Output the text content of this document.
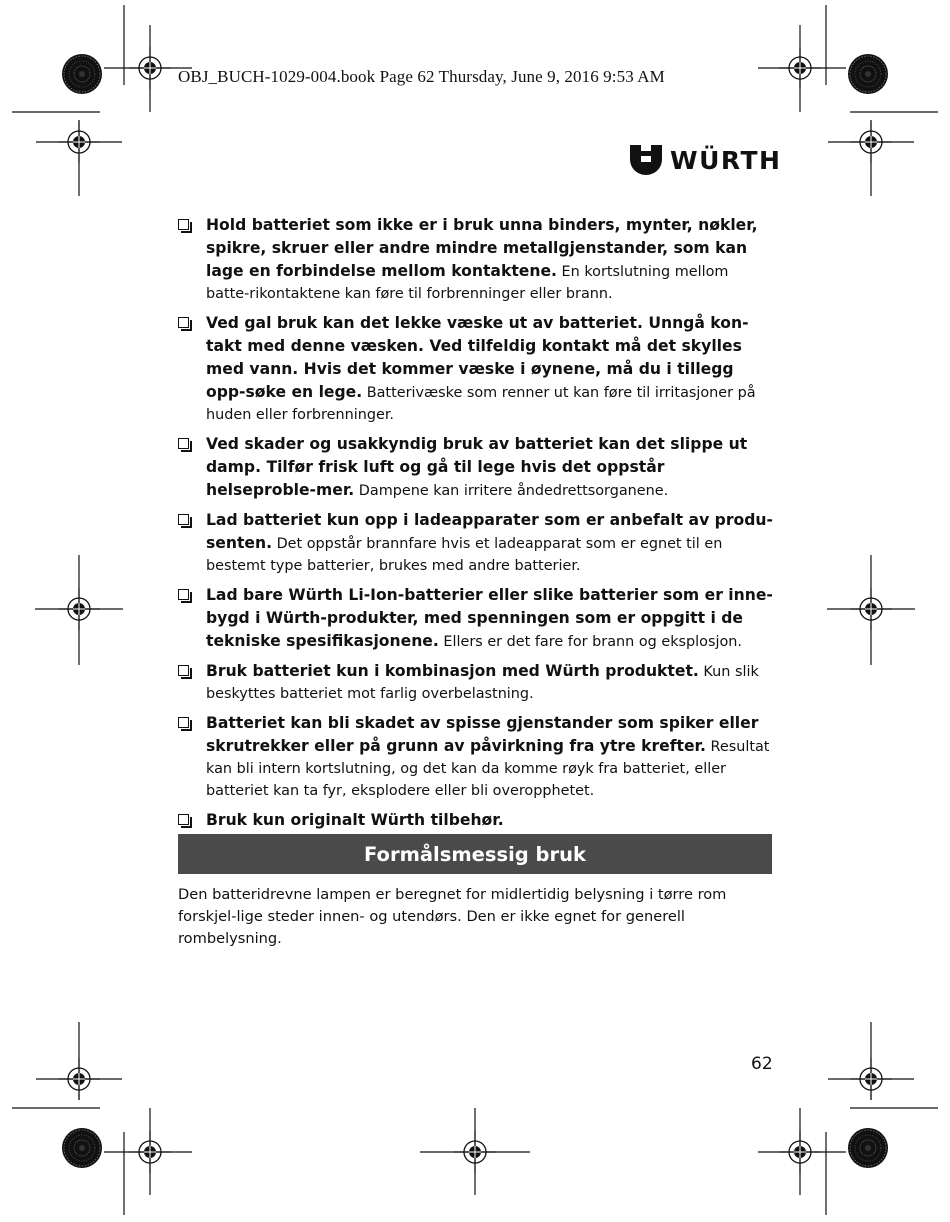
OBJ_BUCH-1029-004.book Page 62 Thursday, June 9, 2016 9:53 AM
WÜRTH
Hold batteriet som ikke er i bruk unna binders, mynter, nøkler, spikre, skruer eller andre mindre metallgjenstander, som kan lage en forbindelse mellom kontaktene. En kortslutning mellom batte-rikontaktene kan føre til forbrenninger eller brann.
Ved gal bruk kan det lekke væske ut av batteriet. Unngå kon-takt med denne væsken. Ved tilfeldig kontakt må det skylles med vann. Hvis det kommer væske i øynene, må du i tillegg opp-søke en lege. Batterivæske som renner ut kan føre til irritasjoner på huden eller forbrenninger.
Ved skader og usakkyndig bruk av batteriet kan det slippe ut damp. Tilfør frisk luft og gå til lege hvis det oppstår helseproble-mer. Dampene kan irritere åndedrettsorganene.
Lad batteriet kun opp i ladeapparater som er anbefalt av produ-senten. Det oppstår brannfare hvis et ladeapparat som er egnet til en bestemt type batterier, brukes med andre batterier.
Lad bare Würth Li-Ion-batterier eller slike batterier som er inne-bygd i Würth-produkter, med spenningen som er oppgitt i de tekniske spesifikasjonene. Ellers er det fare for brann og eksplosjon.
Bruk batteriet kun i kombinasjon med Würth produktet. Kun slik beskyttes batteriet mot farlig overbelastning.
Batteriet kan bli skadet av spisse gjenstander som spiker eller skrutrekker eller på grunn av påvirkning fra ytre krefter. Resultat kan bli intern kortslutning, og det kan da komme røyk fra batteriet, eller batteriet kan ta fyr, eksplodere eller bli overopphetet.
Bruk kun originalt Würth tilbehør.
Formålsmessig bruk
Den batteridrevne lampen er beregnet for midlertidig belysning i tørre rom forskjel-lige steder innen- og utendørs. Den er ikke egnet for generell rombelysning.
62
